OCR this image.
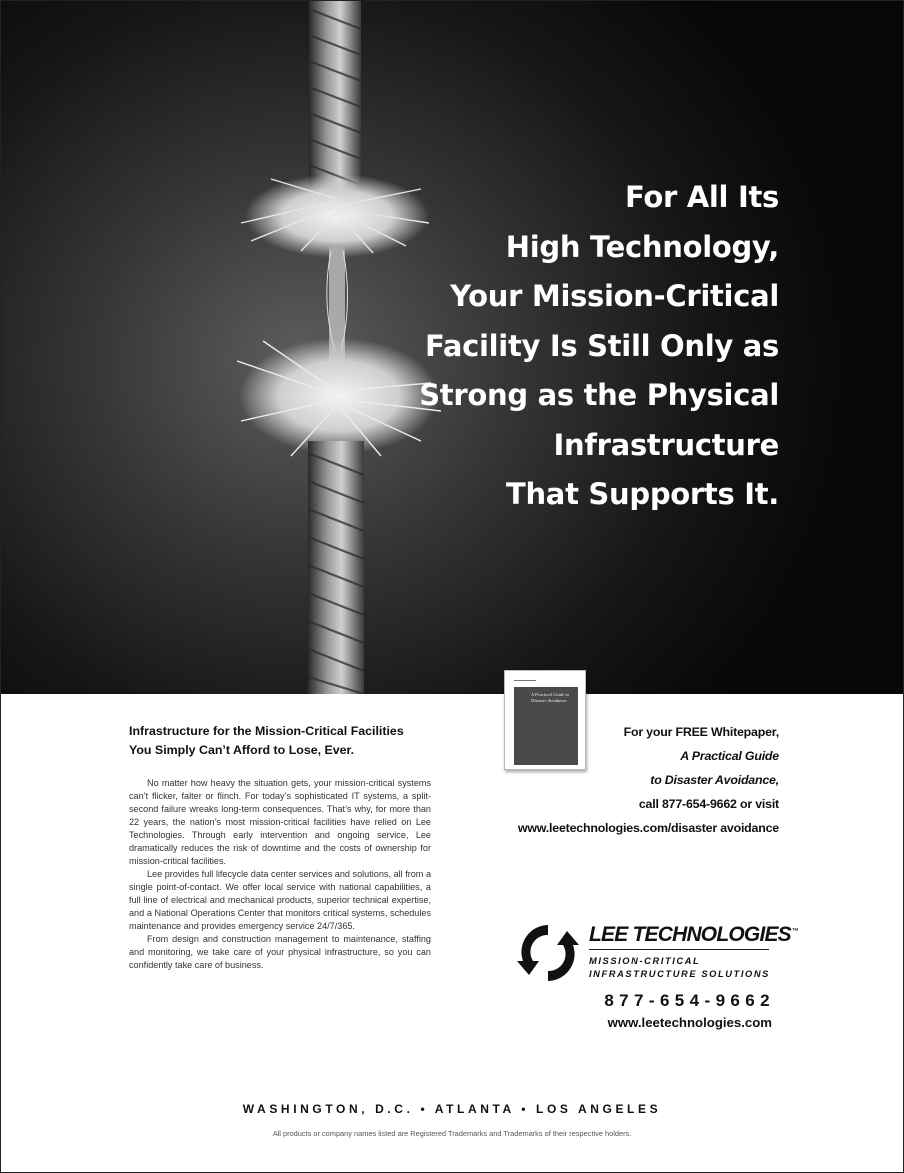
For All Its
High Technology,
Your Mission-Critical
Facility Is Still Only as
Strong as the Physical
Infrastructure
That Supports It.
A Practical Guide to Disaster Avoidance
Infrastructure for the Mission-Critical Facilities
You Simply Can’t Afford to Lose, Ever.

No matter how heavy the situation gets, your mission-critical systems can’t flicker, falter or flinch. For today’s sophisticated IT systems, a split-second failure wreaks long-term consequences. That’s why, for more than 22 years, the nation’s most mission-critical facilities have relied on Lee Technologies. Through early intervention and ongoing service, Lee dramatically reduces the risk of downtime and the costs of ownership for mission-critical facilities.

Lee provides full lifecycle data center services and solutions, all from a single point-of-contact. We offer local service with national capabilities, a full line of electrical and mechanical products, superior technical expertise, and a National Operations Center that monitors critical systems, schedules maintenance and provides emergency service 24/7/365.

From design and construction management to maintenance, staffing and monitoring, we take care of your physical infrastructure, so you can confidently take care of business.

For your FREE Whitepaper,
A Practical Guide
to Disaster Avoidance,
call 877-654-9662 or visit
www.leetechnologies.com/disaster avoidance
LEE TECHNOLOGIES™
MISSION-CRITICAL
INFRASTRUCTURE SOLUTIONS
877-654-9662
www.leetechnologies.com
WASHINGTON, D.C. • ATLANTA • LOS ANGELES
All products or company names listed are Registered Trademarks and Trademarks of their respective holders.
